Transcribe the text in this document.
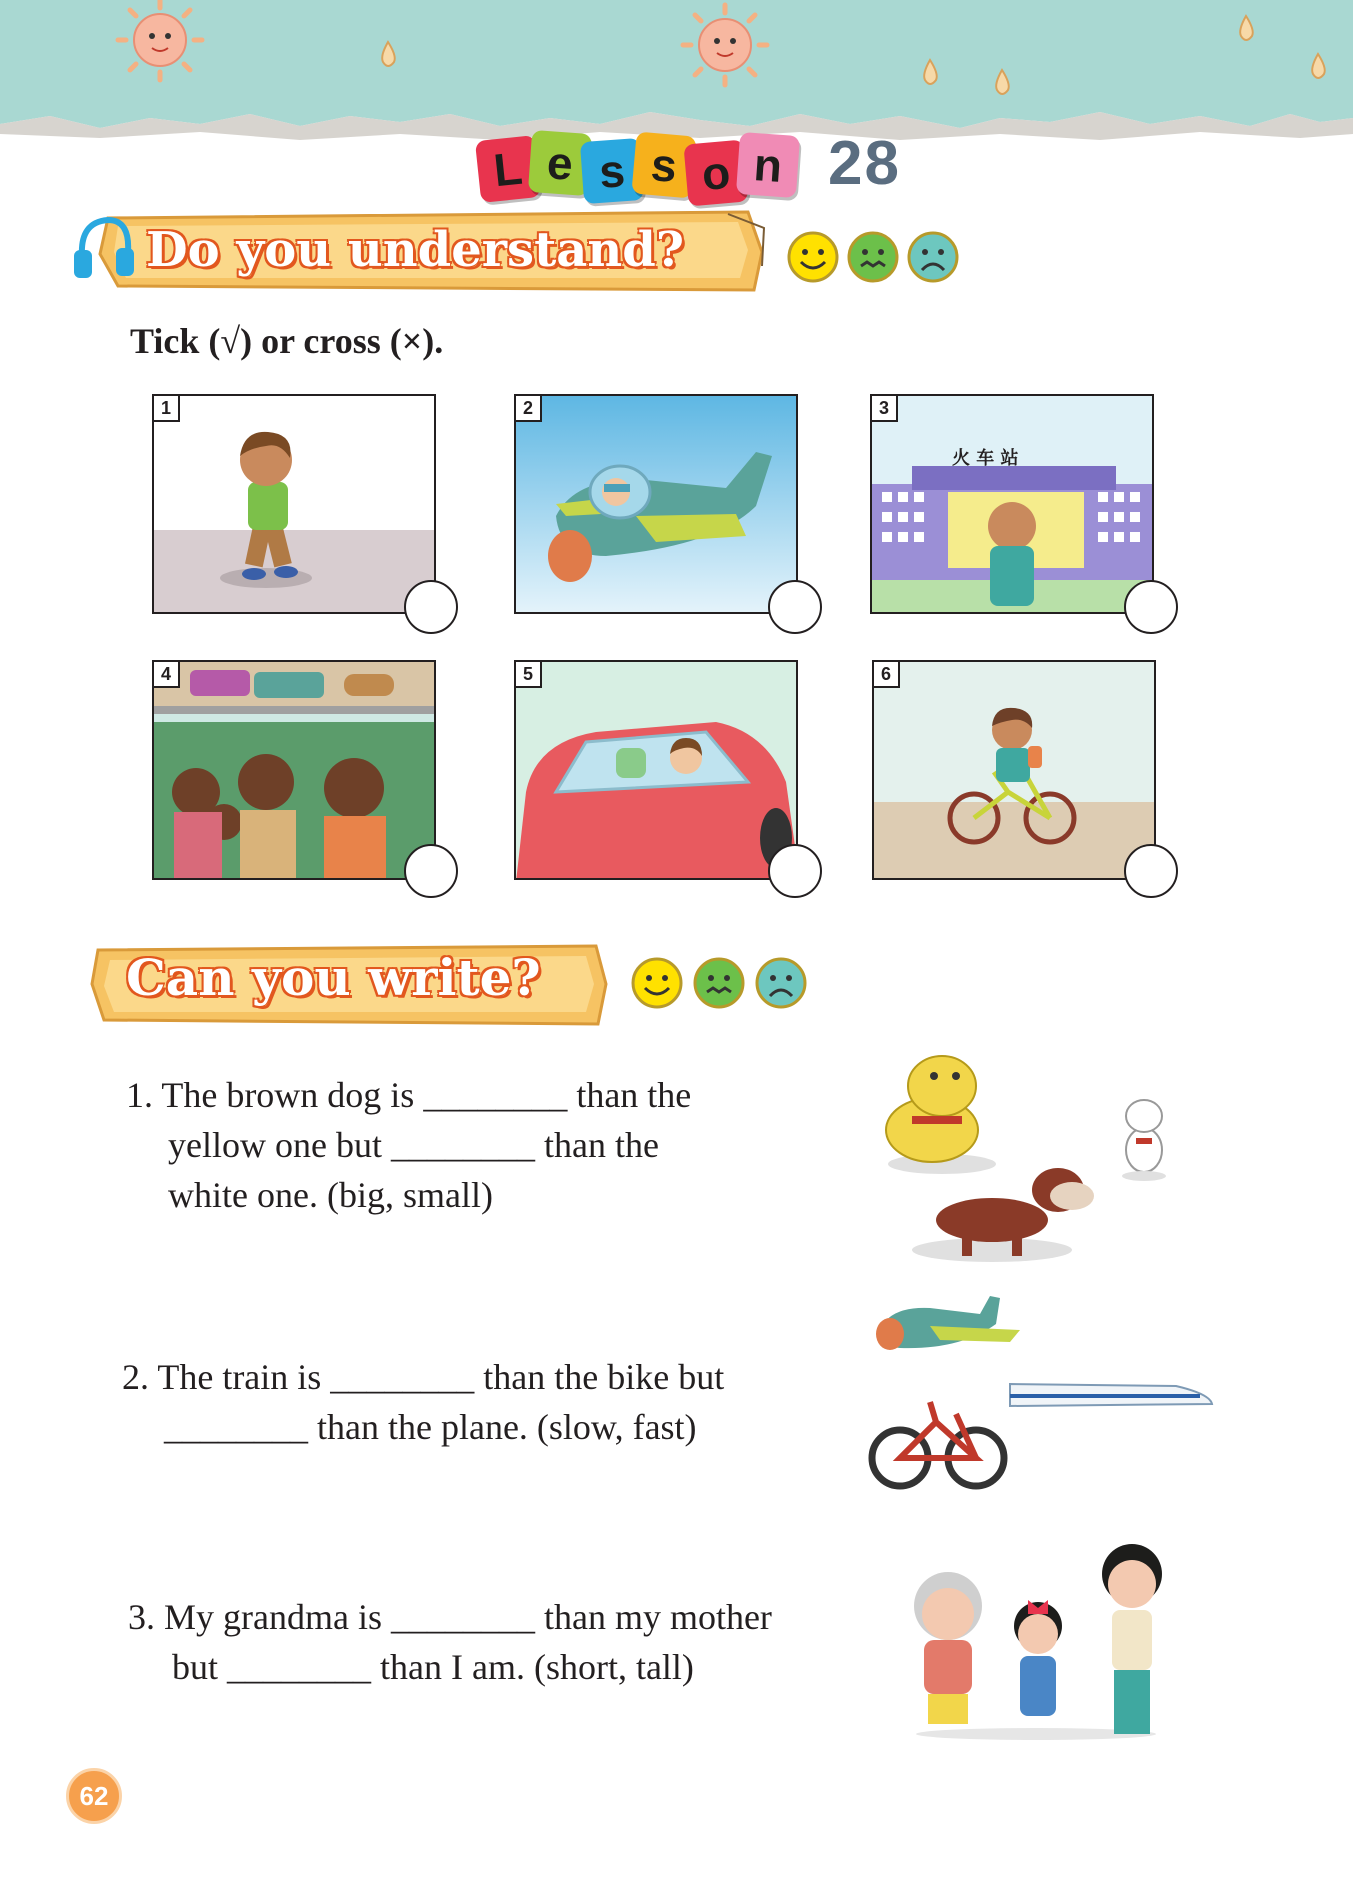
L e s s o n 28
Do you understand?
Tick (√) or cross (×).
1	2
火 车 站
3
4	5	6
Can you write?
1. The brown dog is ________ than the
yellow one but ________ than the
white one. (big, small)
2. The train is ________ than the bike but
________ than the plane. (slow, fast)
3. My grandma is ________ than my mother
but ________ than I am. (short, tall)
62
